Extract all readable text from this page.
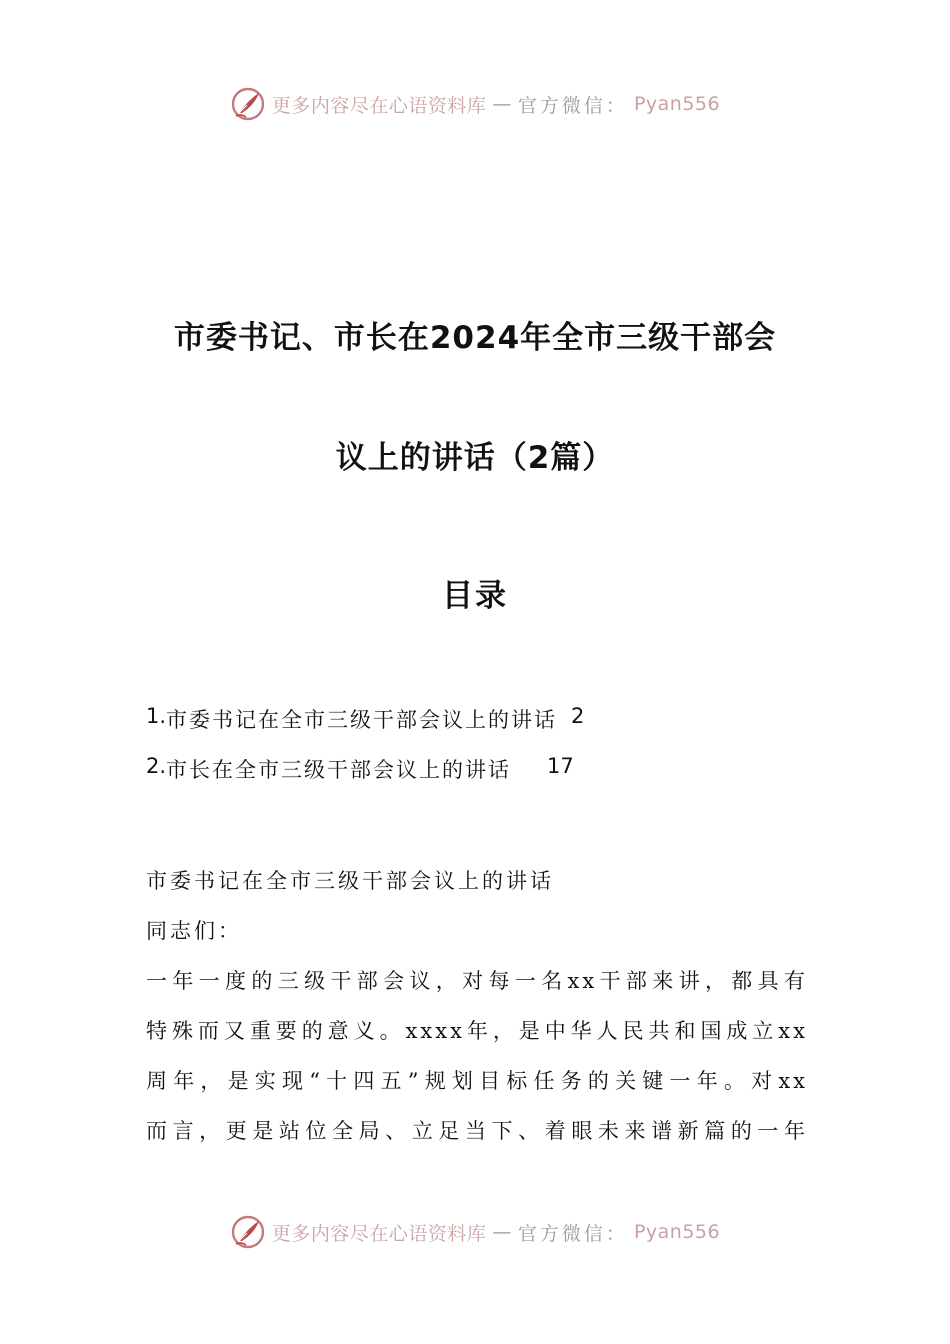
更多内容尽在心语资料库 — 官方微信： Pyan556
市委书记、市长在2024年全市三级干部会
议上的讲话（2篇）
目录
1. 市委书记在全市三级干部会议上的讲话 2
2. 市长在全市三级干部会议上的讲话 17

市委书记在全市三级干部会议上的讲话

同志们：

一年一度的三级干部会议，对每一名xx干部来讲，都具有

特殊而又重要的意义。xxxx年，是中华人民共和国成立xx

周年，是实现“十四五”规划目标任务的关键一年。对xx

而言，更是站位全局、立足当下、着眼未来谱新篇的一年

更多内容尽在心语资料库 — 官方微信： Pyan556
